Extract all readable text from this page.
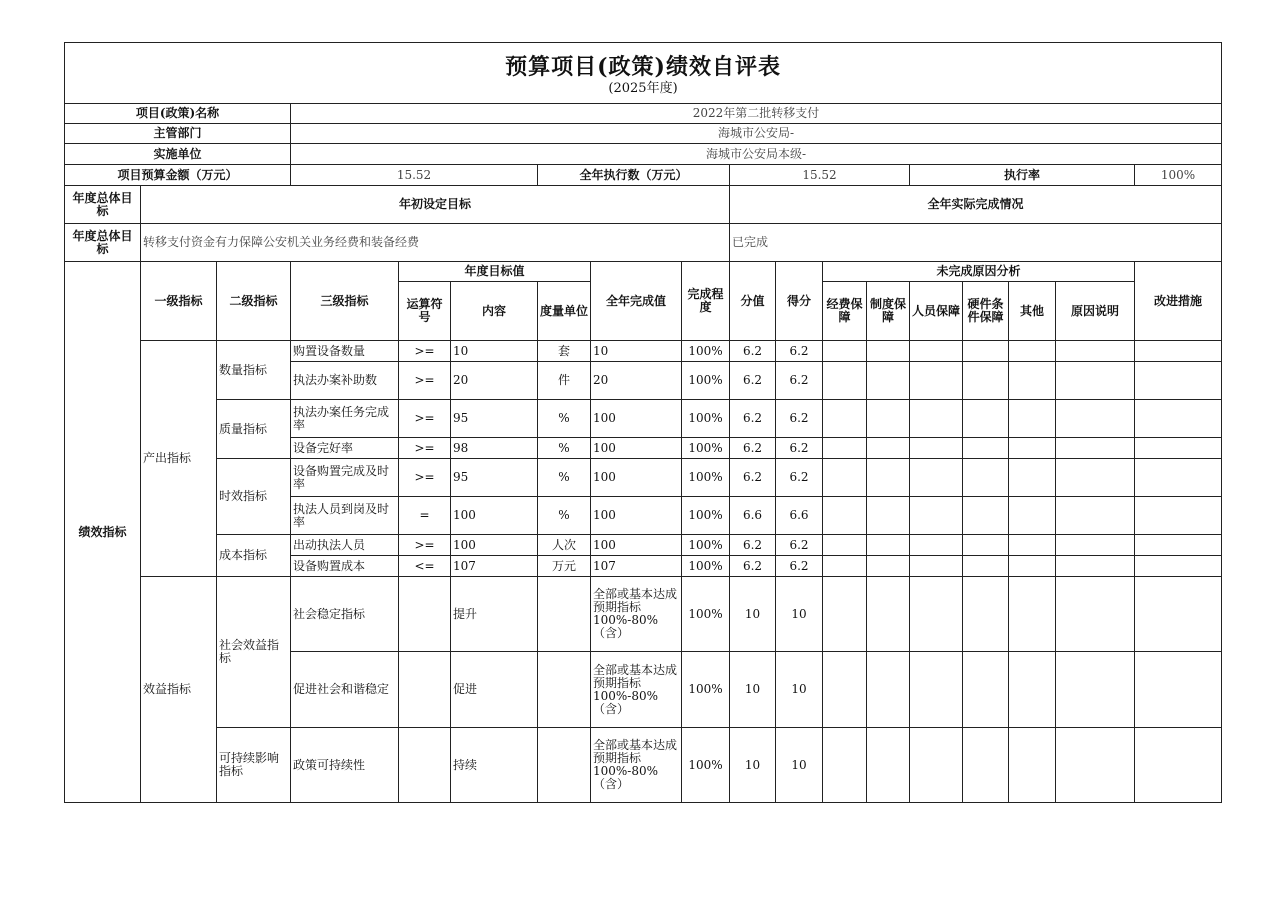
预算项目(政策)绩效自评表
(2025年度)																	

项目(政策)名称			2022年第二批转移支付														
主管部门			海城市公安局-														
实施单位			海城市公安局本级-														
项目预算金额（万元）			15.52			全年执行数（万元）			15.52				执行率				100%
年度总体目标	年初设定目标								全年实际完成情况								
年度总体目标	转移支付资金有力保障公安机关业务经费和装备经费								已完成								
绩效指标	一级指标	二级指标	三级指标	年度目标值			全年完成值	完成程度	分值	得分	未完成原因分析						改进措施
				运算符号	内容	度量单位					经费保障	制度保障	人员保障	硬件条件保障	其他	原因说明	
	产出指标	数量指标	购置设备数量	>=	10	套	10	100%	6.2	6.2							
			执法办案补助数	>=	20	件	20	100%	6.2	6.2							
		质量指标	执法办案任务完成率	>=	95	%	100	100%	6.2	6.2							
			设备完好率	>=	98	%	100	100%	6.2	6.2							
		时效指标	设备购置完成及时率	>=	95	%	100	100%	6.2	6.2							
			执法人员到岗及时率	=	100	%	100	100%	6.6	6.6							
		成本指标	出动执法人员	>=	100	人次	100	100%	6.2	6.2							
			设备购置成本	<=	107	万元	107	100%	6.2	6.2							
	效益指标	社会效益指标	社会稳定指标		提升		全部或基本达成预期指标100%-80%（含）	100%	10	10							
			促进社会和谐稳定		促进		全部或基本达成预期指标100%-80%（含）	100%	10	10							
		可持续影响指标	政策可持续性		持续		全部或基本达成预期指标100%-80%（含）	100%	10	10							
